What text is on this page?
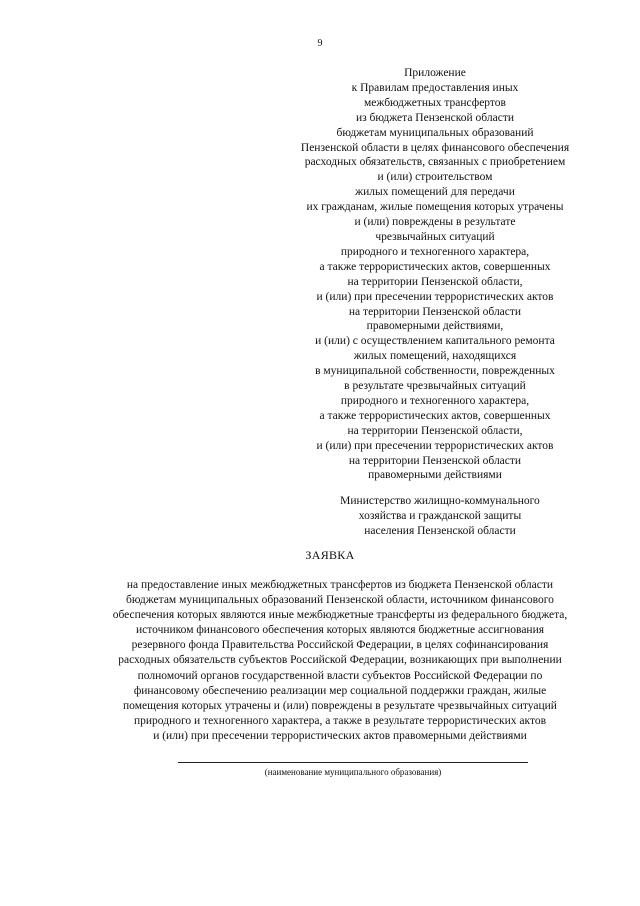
9
Приложение
к Правилам предоставления иных
межбюджетных трансфертов
из бюджета Пензенской области
бюджетам муниципальных образований
Пензенской области в целях финансового обеспечения
расходных обязательств, связанных с приобретением
и (или) строительством
жилых помещений для передачи
их гражданам, жилые помещения которых утрачены
и (или) повреждены в результате
чрезвычайных ситуаций
природного и техногенного характера,
а также террористических актов, совершенных
на территории Пензенской области,
и (или) при пресечении террористических актов
на территории Пензенской области
правомерными действиями,
и (или) с осуществлением капитального ремонта
жилых помещений, находящихся
в муниципальной собственности, поврежденных
в результате чрезвычайных ситуаций
природного и техногенного характера,
а также террористических актов, совершенных
на территории Пензенской области,
и (или) при пресечении террористических актов
на территории Пензенской области
правомерными действиями
Министерство жилищно-коммунального
хозяйства и гражданской защиты
населения Пензенской области
ЗАЯВКА
на предоставление иных межбюджетных трансфертов из бюджета Пензенской области
бюджетам муниципальных образований Пензенской области, источником финансового
обеспечения которых являются иные межбюджетные трансферты из федерального бюджета,
источником финансового обеспечения которых являются бюджетные ассигнования
резервного фонда Правительства Российской Федерации, в целях софинансирования
расходных обязательств субъектов Российской Федерации, возникающих при выполнении
полномочий органов государственной власти субъектов Российской Федерации по
финансовому обеспечению реализации мер социальной поддержки граждан, жилые
помещения которых утрачены и (или) повреждены в результате чрезвычайных ситуаций
природного и техногенного характера, а также в результате террористических актов
и (или) при пресечении террористических актов правомерными действиями
(наименование муниципального образования)
